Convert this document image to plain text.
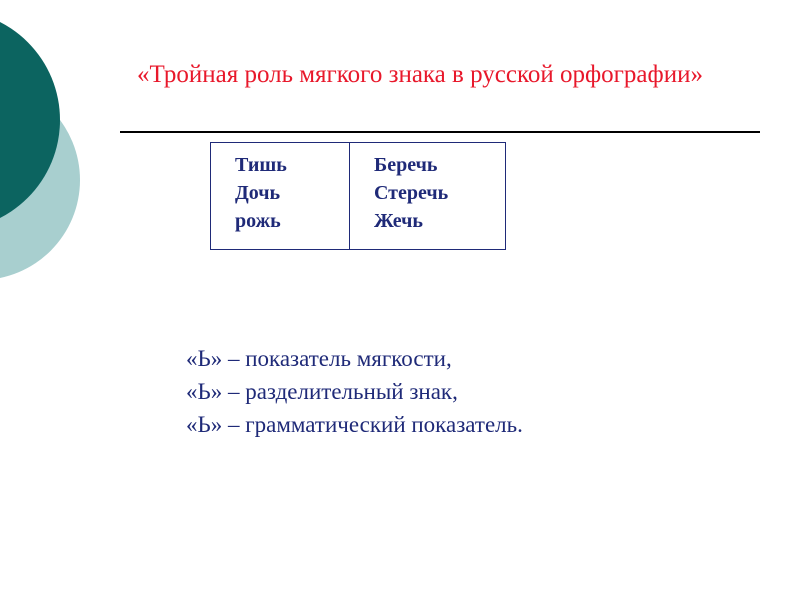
«Тройная роль мягкого знака в русской орфографии»
Тишь
Дочь
рожь
Беречь
Стеречь
Жечь
«Ь» – показатель мягкости,
«Ь» – разделительный знак,
«Ь» – грамматический показатель.
